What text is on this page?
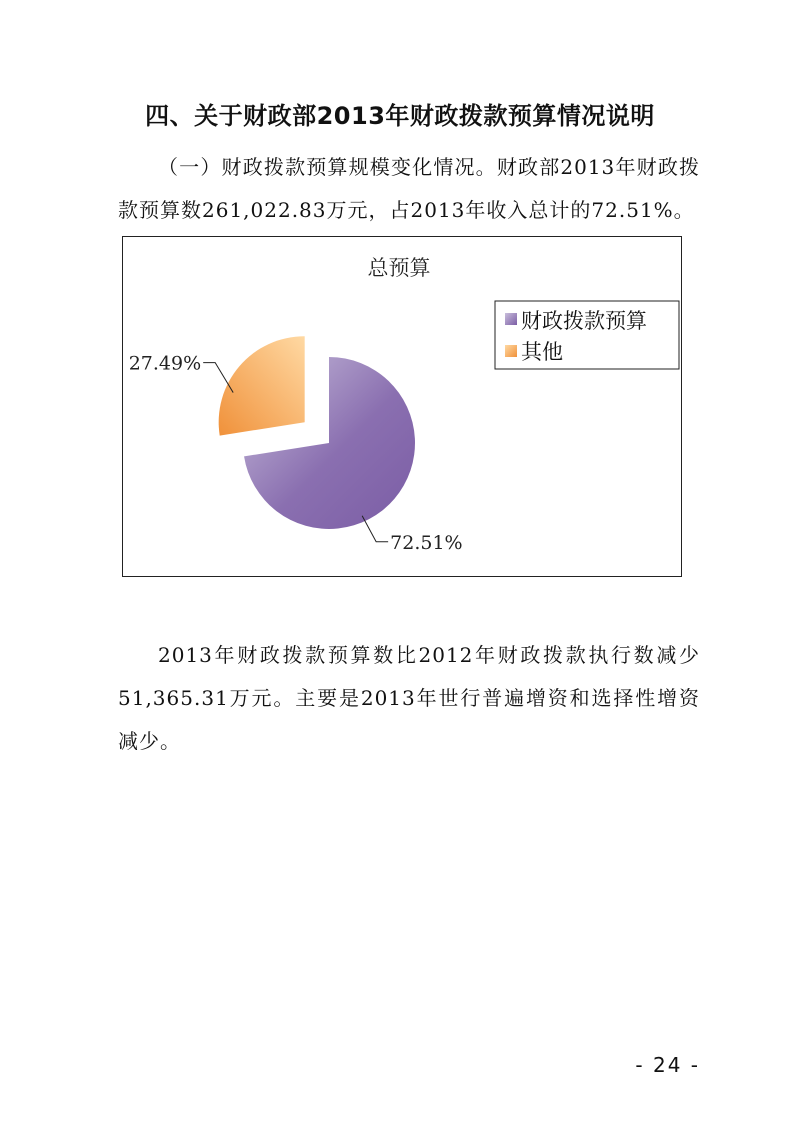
四、关于财政部2013年财政拨款预算情况说明

（一）财政拨款预算规模变化情况。财政部2013年财政拨款预算数261,022.83万元，占2013年收入总计的72.51%。

总预算
72.51%
27.49%
财政拨款预算
其他

2013年财政拨款预算数比2012年财政拨款执行数减少51,365.31万元。主要是2013年世行普遍增资和选择性增资减少。

- 24 -
